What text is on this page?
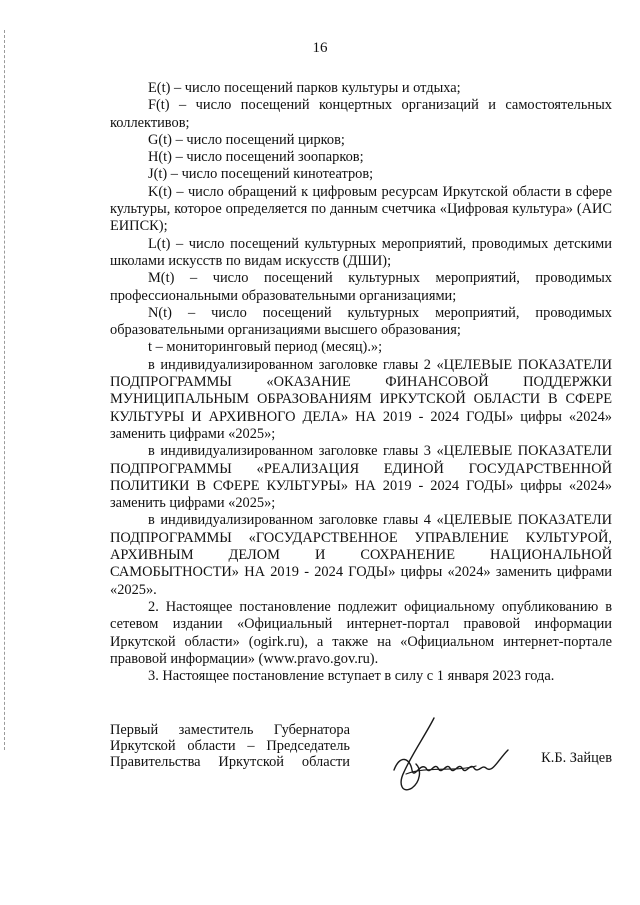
16

E(t) – число посещений парков культуры и отдыха;

F(t) – число посещений концертных организаций и самостоятельных коллективов;

G(t) – число посещений цирков;

H(t) – число посещений зоопарков;

J(t) – число посещений кинотеатров;

K(t) – число обращений к цифровым ресурсам Иркутской области в сфере культуры, которое определяется по данным счетчика «Цифровая культура» (АИС ЕИПСК);

L(t) – число посещений культурных мероприятий, проводимых детскими школами искусств по видам искусств (ДШИ);

M(t) – число посещений культурных мероприятий, проводимых профессиональными образовательными организациями;

N(t) – число посещений культурных мероприятий, проводимых образовательными организациями высшего образования;

t – мониторинговый период (месяц).»;

в индивидуализированном заголовке главы 2 «ЦЕЛЕВЫЕ ПОКАЗАТЕЛИ ПОДПРОГРАММЫ «ОКАЗАНИЕ ФИНАНСОВОЙ ПОДДЕРЖКИ МУНИЦИПАЛЬНЫМ ОБРАЗОВАНИЯМ ИРКУТСКОЙ ОБЛАСТИ В СФЕРЕ КУЛЬТУРЫ И АРХИВНОГО ДЕЛА» НА 2019 - 2024 ГОДЫ» цифры «2024» заменить цифрами «2025»;

в индивидуализированном заголовке главы 3 «ЦЕЛЕВЫЕ ПОКАЗАТЕЛИ ПОДПРОГРАММЫ «РЕАЛИЗАЦИЯ ЕДИНОЙ ГОСУДАРСТВЕННОЙ ПОЛИТИКИ В СФЕРЕ КУЛЬТУРЫ» НА 2019 - 2024 ГОДЫ» цифры «2024» заменить цифрами «2025»;

в индивидуализированном заголовке главы 4 «ЦЕЛЕВЫЕ ПОКАЗАТЕЛИ ПОДПРОГРАММЫ «ГОСУДАРСТВЕННОЕ УПРАВЛЕНИЕ КУЛЬТУРОЙ, АРХИВНЫМ ДЕЛОМ И СОХРАНЕНИЕ НАЦИОНАЛЬНОЙ САМОБЫТНОСТИ» НА 2019 - 2024 ГОДЫ» цифры «2024» заменить цифрами «2025».

2. Настоящее постановление подлежит официальному опубликованию в сетевом издании «Официальный интернет-портал правовой информации Иркутской области» (ogirk.ru), а также на «Официальном интернет-портале правовой информации» (www.pravo.gov.ru).

3. Настоящее постановление вступает в силу с 1 января 2023 года.

Первый заместитель Губернатора
Иркутской области – Председатель
Правительства Иркутской области	К.Б. Зайцев
